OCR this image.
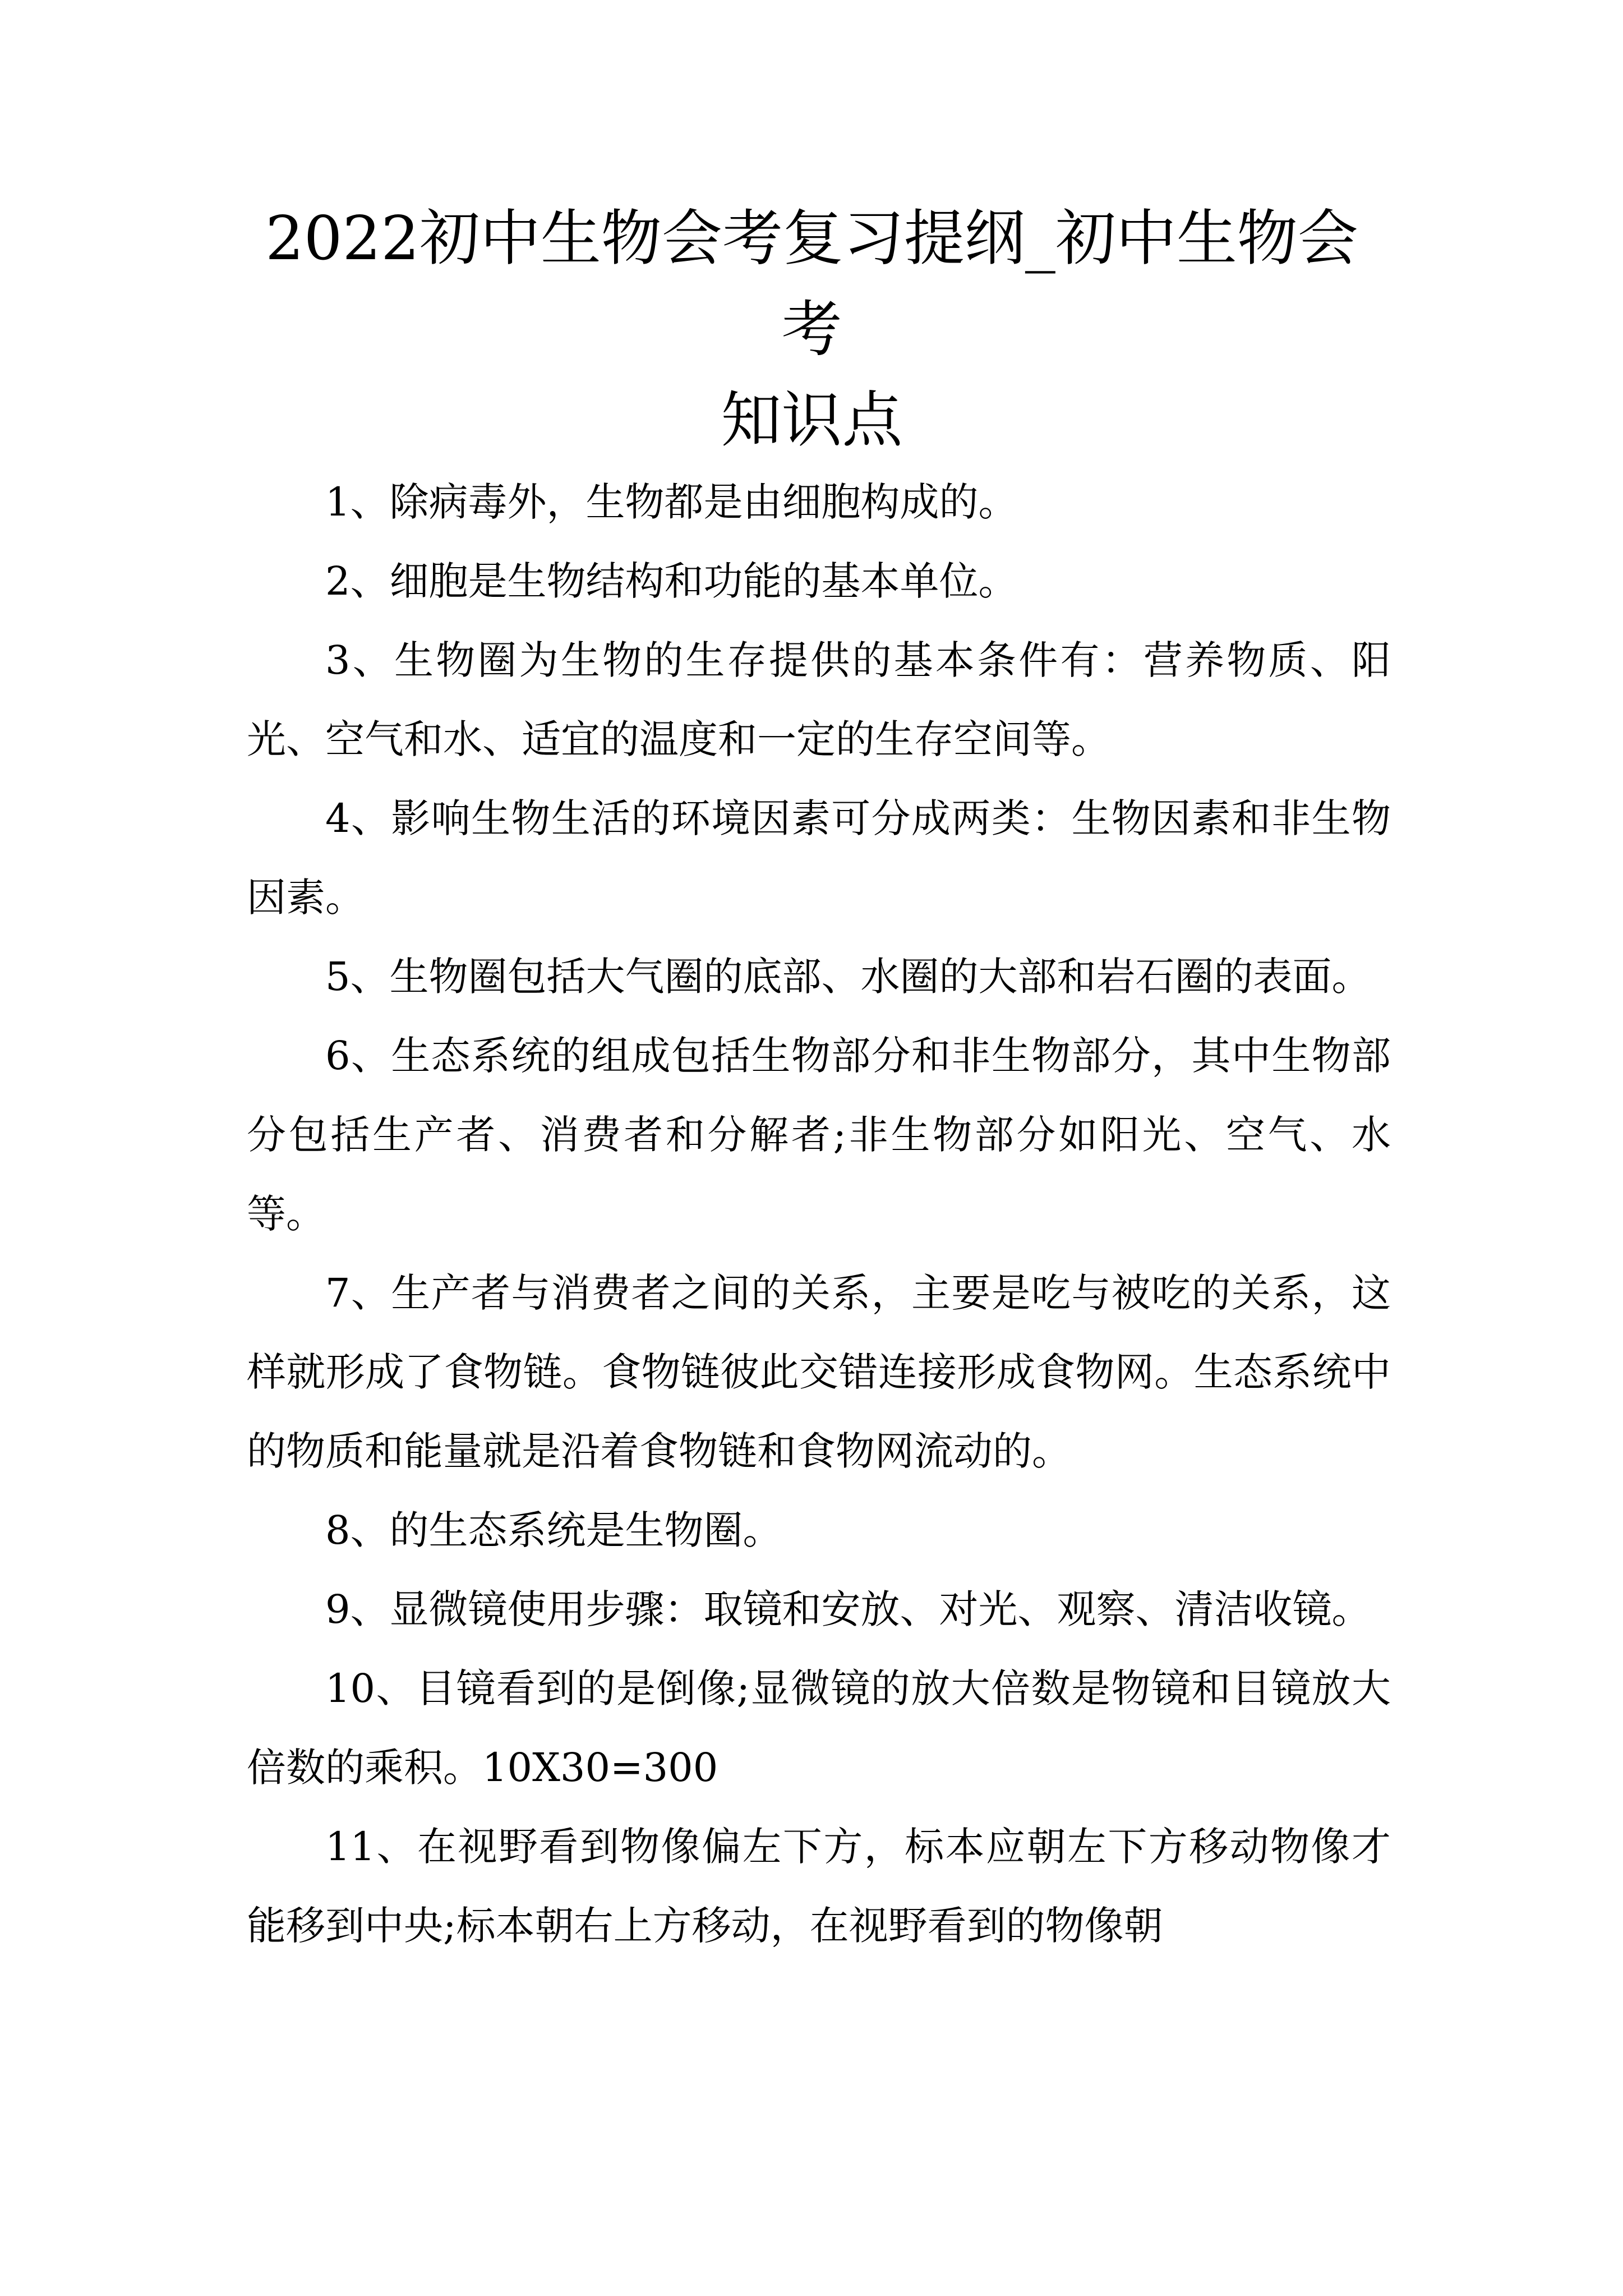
2022初中生物会考复习提纲_初中生物会考
知识点

1、除病毒外，生物都是由细胞构成的。

2、细胞是生物结构和功能的基本单位。

3、生物圈为生物的生存提供的基本条件有：营养物质、阳光、空气和水、适宜的温度和一定的生存空间等。

4、影响生物生活的环境因素可分成两类：生物因素和非生物因素。

5、生物圈包括大气圈的底部、水圈的大部和岩石圈的表面。

6、生态系统的组成包括生物部分和非生物部分，其中生物部分包括生产者、消费者和分解者;非生物部分如阳光、空气、水等。

7、生产者与消费者之间的关系，主要是吃与被吃的关系，这样就形成了食物链。食物链彼此交错连接形成食物网。生态系统中的物质和能量就是沿着食物链和食物网流动的。

8、的生态系统是生物圈。

9、显微镜使用步骤：取镜和安放、对光、观察、清洁收镜。

10、目镜看到的是倒像;显微镜的放大倍数是物镜和目镜放大倍数的乘积。10X30=300

11、在视野看到物像偏左下方，标本应朝左下方移动物像才能移到中央;标本朝右上方移动，在视野看到的物像朝
